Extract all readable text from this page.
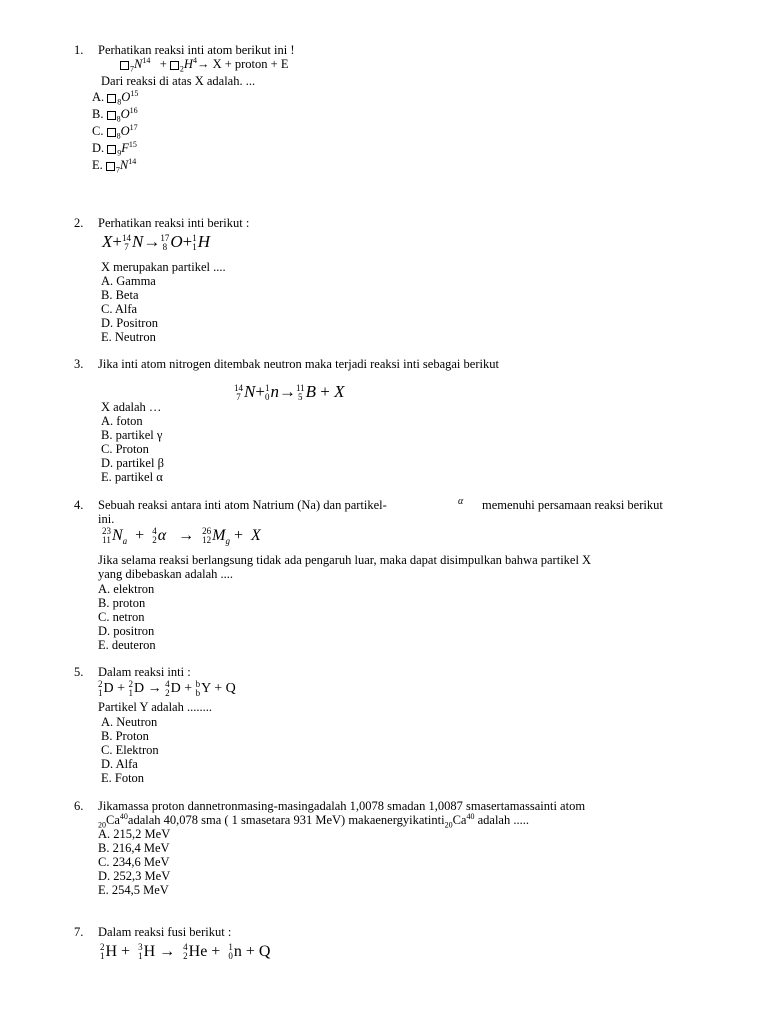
1. Perhatikan reaksi inti atom berikut ini !
$_7N^{14} + _2H^4\to X$ + proton + E
Dari reaksi di atas X adalah. ...
A. $_8O^{15}$
B. $_8O^{16}$
C. $_8O^{17}$
D. $_9F^{15}$
E. $_7N^{14}$
2. Perhatikan reaksi inti berikut :
X+ 14
7 N→ 17
8 O+ 1
1 H
X merupakan partikel ....
A. Gamma
B. Beta
C. Alfa
D. Positron
E. Neutron
3. Jika inti atom nitrogen ditembak neutron maka terjadi reaksi inti sebagai berikut
14
7 N+ 1
0 n→ 11
5 B + X
X adalah …
A. foton
B. partikel γ
C. Proton
D. partikel β
E. partikel α
4. Sebuah reaksi antara inti atom Natrium (Na) dan partikel-	α memenuhi persamaan reaksi berikut
ini.
23
11 $N_a + 4$
2 α   → 26
12 $M_g + X$
Jika selama reaksi berlangsung tidak ada pengaruh luar, maka dapat disimpulkan bahwa partikel X
yang dibebaskan adalah ....
A. elektron
B. proton
C. netron
D. positron
E. deuteron
5. Dalam reaksi inti :
2
1 D + 2
1 D → 4
2 D + b
b Y + Q
Partikel Y adalah ........
A. Neutron
B. Proton
C. Elektron
D. Alfa
E. Foton
6. Jikamassa proton dannetronmasing-masingadalah 1,0078 smadan 1,0087 smasertamassainti atom
$_{20}Ca^{40}adalah$ 40,078 sma ( 1 smasetara 931 MeV) $makaenergyikatinti_{20}Ca^{40}$ adalah .....
A. 215,2 MeV
B. 216,4 MeV
C. 234,6 MeV
D. 252,3 MeV
E. 254,5 MeV
7. Dalam reaksi fusi berikut :
2
1 H + 3
1 H → 4
2 He + 1
0 n + Q
